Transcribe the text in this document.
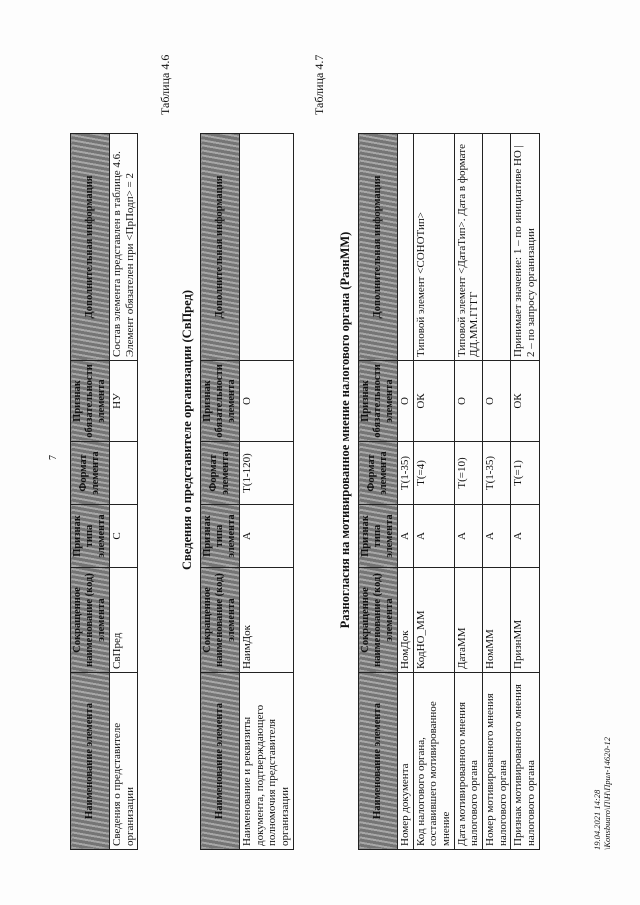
Наименование элемента	Сокращенное наименование (код) элемента	Признак типа элемента	Формат элемента	Признак обязательности элемента	Дополнительная информация
Сведения о представителе организации	СвПред	С		НУ	Состав элемента представлен в таблице 4.6. Элемент обязателен при <ПрПодп> = 2
Таблица 4.6
Сведения о представителе организации (СвПред)
Наименование элемента	Сокращенное наименование (код) элемента	Признак типа элемента	Формат элемента	Признак обязательности элемента	Дополнительная информация
Наименование и реквизиты документа, подтверждающего полномочия представителя организации	НаимДок	А	T(1-120)	О	
Таблица 4.7
Разногласия на мотивированное мнение налогового органа (РазнММ)
Наименование элемента	Сокращенное наименование (код) элемента	Признак типа элемента	Формат элемента	Признак обязательности элемента	Дополнительная информация
Номер документа	НомДок	А	T(1-35)	О	
Код налогового органа, составившего мотивированное мнение	КодНО_ММ	А	T(=4)	ОК	Типовой элемент <СОНОТип>
Дата мотивированного мнения налогового органа	ДатаММ	А	T(=10)	О	Типовой элемент <ДатаТип>. Дата в формате ДД.ММ.ГГГГ
Номер мотивированного мнения налогового органа	НомММ	А	T(1-35)	О	
Признак мотивированного мнения налогового органа	ПризнММ	А	T(=1)	ОК	Принимает значение: 1 – по инициативе НО | 2 – по запросу организации
7
19.04.2021 14:28 \Konsbuaro\П\Н\Прил-14620-12
